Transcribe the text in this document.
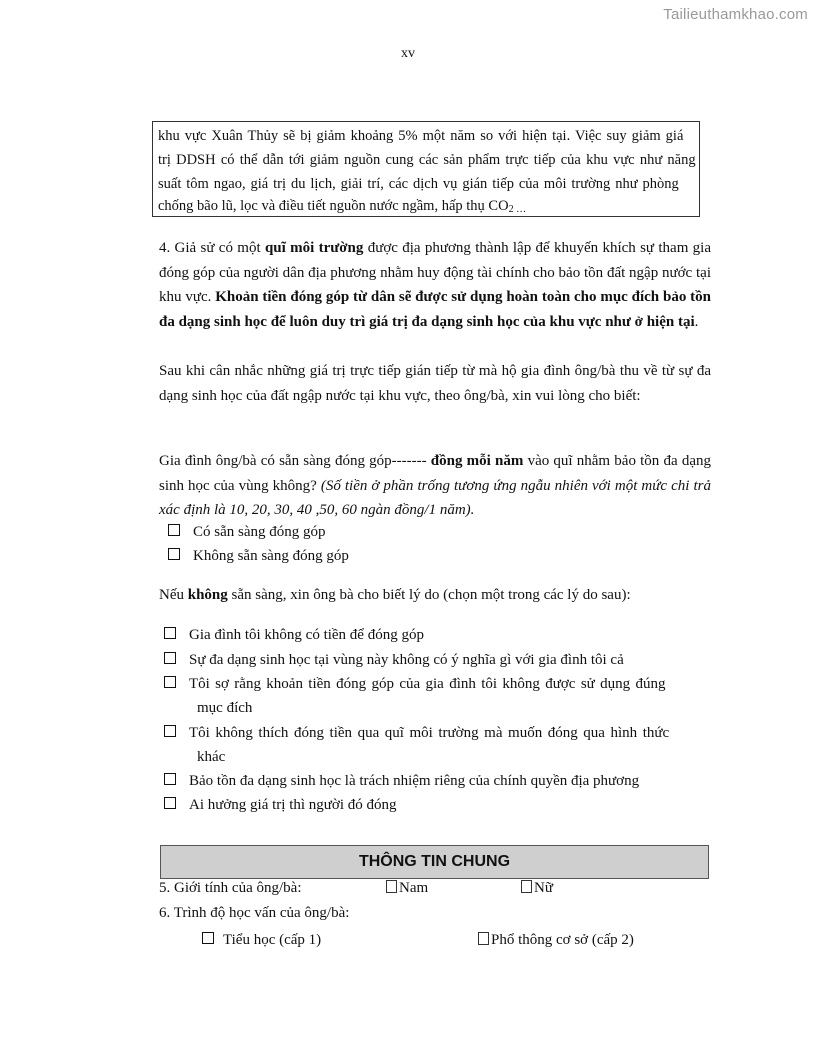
Tailieuthamkhao.com
xv
khu vực Xuân Thủy sẽ bị giảm khoảng 5% một năm so với hiện tại. Việc suy giảm giá
trị DDSH có thể dẫn tới giảm nguồn cung các sản phẩm trực tiếp của khu vực như năng
suất tôm ngao, giá trị du lịch, giải trí, các dịch vụ gián tiếp của môi trường như phòng
chống bão lũ, lọc và điều tiết nguồn nước ngầm, hấp thụ $CO_{2 \dots}$
4. Giả sử có một quĩ môi trường được địa phương thành lập để khuyến khích sự tham gia đóng góp của người dân địa phương nhằm huy động tài chính cho bảo tồn đất ngập nước tại khu vực. Khoản tiền đóng góp từ dân sẽ được sử dụng hoàn toàn cho mục đích bảo tồn đa dạng sinh học để luôn duy trì giá trị đa dạng sinh học của khu vực như ở hiện tại.
Sau khi cân nhắc những giá trị trực tiếp gián tiếp từ mà hộ gia đình ông/bà thu về từ sự đa dạng sinh học của đất ngập nước tại khu vực, theo ông/bà, xin vui lòng cho biết:
Gia đình ông/bà có sẵn sàng đóng góp------- đồng mỗi năm vào quĩ nhằm bảo tồn đa dạng sinh học của vùng không? (Số tiền ở phần trống tương ứng ngẫu nhiên với một mức chi trả xác định là 10, 20, 30, 40 ,50, 60 ngàn đồng/1 năm).
Có sẵn sàng đóng góp
Không sẵn sàng đóng góp
Nếu không sẵn sàng, xin ông bà cho biết lý do (chọn một trong các lý do sau):
Gia đình tôi không có tiền để đóng góp
Sự đa dạng sinh học tại vùng này không có ý nghĩa gì với gia đình tôi cả
Tôi sợ rằng khoản tiền đóng góp của gia đình tôi không được sử dụng đúng
mục đích
Tôi không thích đóng tiền qua quĩ môi trường mà muốn đóng qua hình thức
khác
Bảo tồn đa dạng sinh học là trách nhiệm riêng của chính quyền địa phương
Ai hưởng giá trị thì người đó đóng
THÔNG TIN CHUNG
5. Giới tính của ông/bà:	Nam	Nữ
6. Trình độ học vấn của ông/bà:
Tiểu học (cấp 1)	Phổ thông cơ sở (cấp 2)
